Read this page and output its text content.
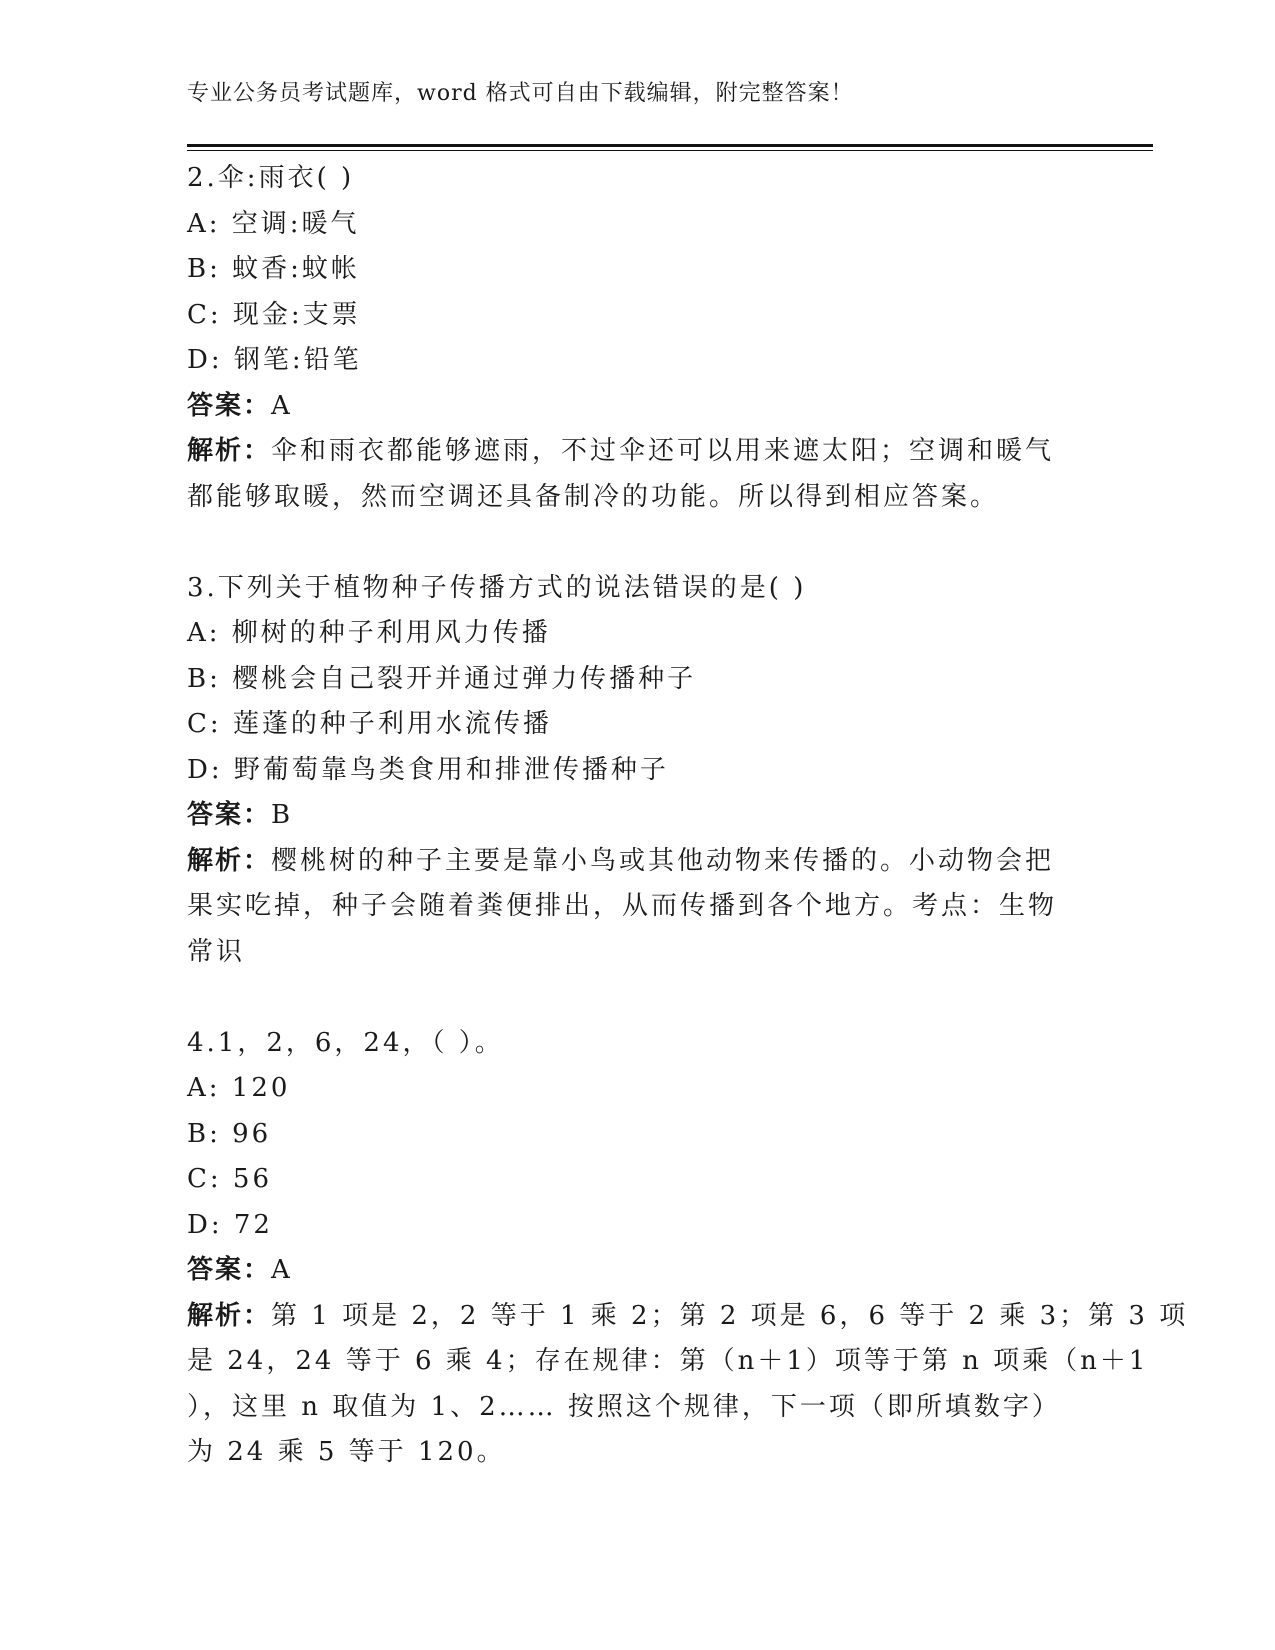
专业公务员考试题库，word 格式可自由下载编辑，附完整答案！
2.伞:雨衣( )
A: 空调:暖气
B: 蚊香:蚊帐
C: 现金:支票
D: 钢笔:铅笔
答案：A
解析：伞和雨衣都能够遮雨，不过伞还可以用来遮太阳；空调和暖气
都能够取暖，然而空调还具备制冷的功能。所以得到相应答案。
3.下列关于植物种子传播方式的说法错误的是( )
A: 柳树的种子利用风力传播
B: 樱桃会自己裂开并通过弹力传播种子
C: 莲蓬的种子利用水流传播
D: 野葡萄靠鸟类食用和排泄传播种子
答案：B
解析：樱桃树的种子主要是靠小鸟或其他动物来传播的。小动物会把
果实吃掉，种子会随着粪便排出，从而传播到各个地方。考点：生物
常识
4.1，2，6，24，（ ）。
A: 120
B: 96
C: 56
D: 72
答案：A
解析：第 1 项是 2，2 等于 1 乘 2；第 2 项是 6，6 等于 2 乘 3；第 3 项
是 24，24 等于 6 乘 4；存在规律：第（n＋1）项等于第 n 项乘（n＋1
），这里 n 取值为 1、2…… 按照这个规律，下一项（即所填数字）
为 24 乘 5 等于 120。
